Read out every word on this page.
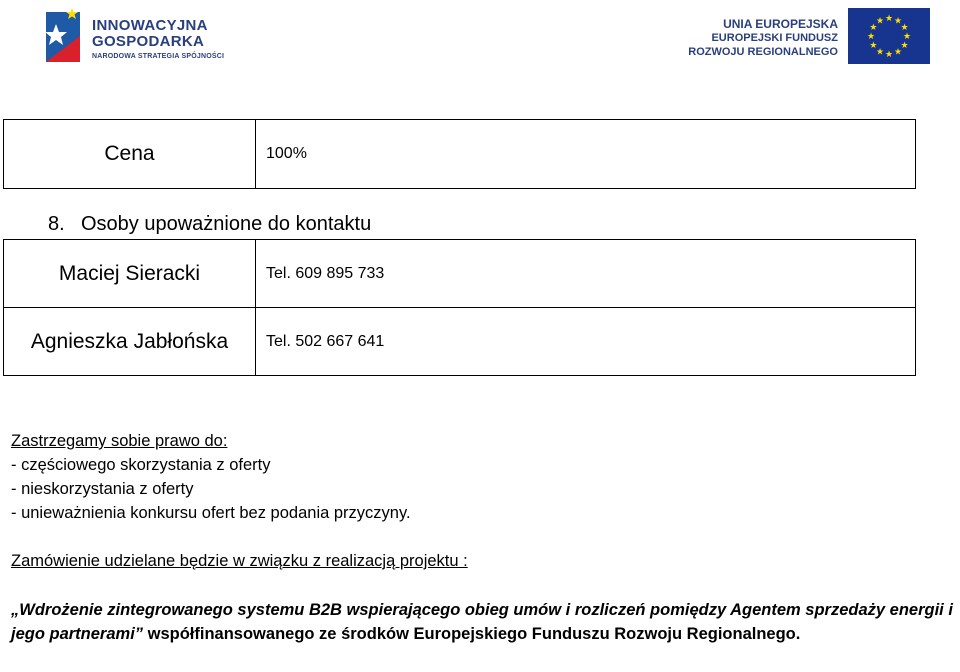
INNOWACYJNA
GOSPODARKA
NARODOWA STRATEGIA SPÓJNOŚCI
UNIA EUROPEJSKA
EUROPEJSKI FUNDUSZ
ROZWOJU REGIONALNEGO
★ ★
★
★
★
★
★
★
★
★
★
★
Cena	100%
8. Osoby upoważnione do kontaktu
Maciej Sieracki	Tel. 609 895 733
Agnieszka Jabłońska	Tel. 502 667 641
Zastrzegamy sobie prawo do:
- częściowego skorzystania z oferty
- nieskorzystania z oferty
- unieważnienia konkursu ofert bez podania przyczyny.
Zamówienie udzielane będzie w związku z realizacją projektu :
„Wdrożenie zintegrowanego systemu B2B wspierającego obieg umów i rozliczeń pomiędzy Agentem sprzedaży energii i jego partnerami” współfinansowanego ze środków Europejskiego Funduszu Rozwoju Regionalnego.
